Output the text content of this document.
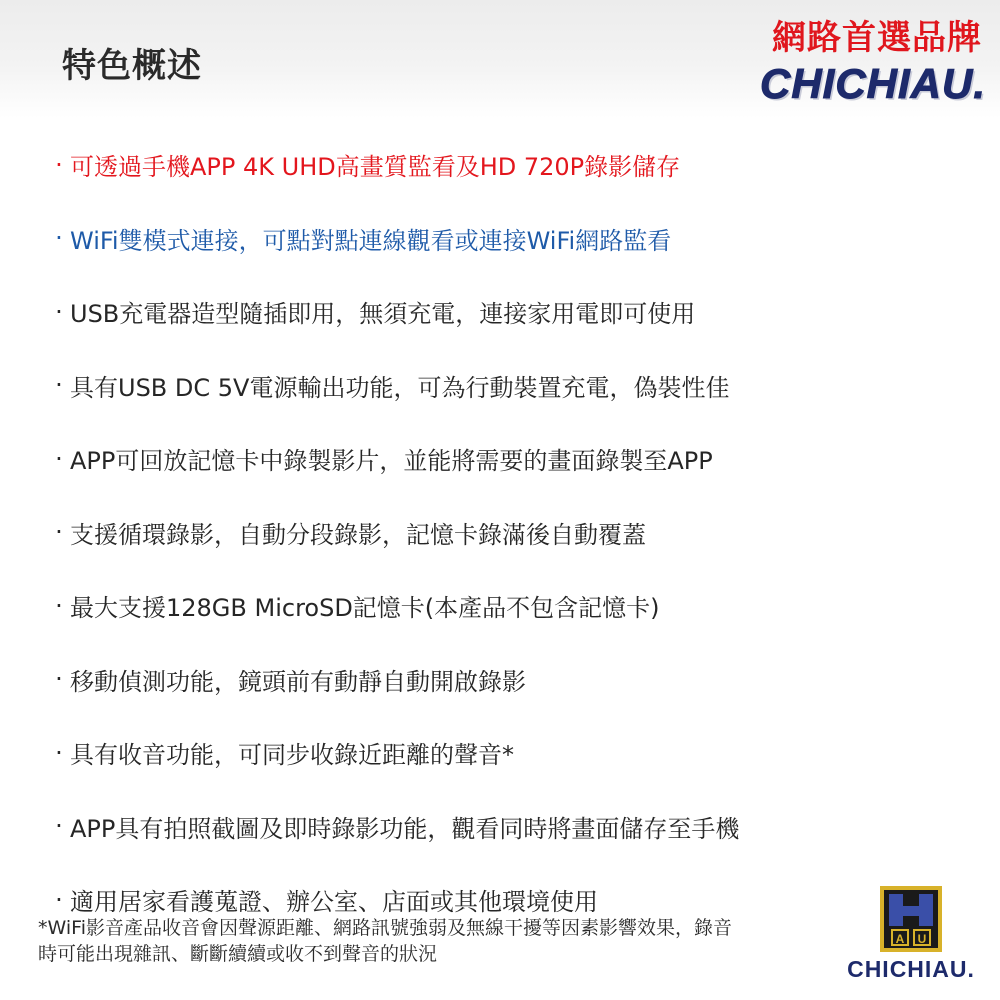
特色概述
網路首選品牌
CHICHIAU.
· 可透過手機APP 4K UHD高畫質監看及HD 720P錄影儲存
· WiFi雙模式連接，可點對點連線觀看或連接WiFi網路監看
· USB充電器造型隨插即用，無須充電，連接家用電即可使用
· 具有USB DC 5V電源輸出功能，可為行動裝置充電，偽裝性佳
· APP可回放記憶卡中錄製影片，並能將需要的畫面錄製至APP
· 支援循環錄影，自動分段錄影，記憶卡錄滿後自動覆蓋
· 最大支援128GB MicroSD記憶卡(本產品不包含記憶卡)
· 移動偵測功能，鏡頭前有動靜自動開啟錄影
· 具有收音功能，可同步收錄近距離的聲音*
· APP具有拍照截圖及即時錄影功能，觀看同時將畫面儲存至手機
· 適用居家看護蒐證、辦公室、店面或其他環境使用
*WiFi影音產品收音會因聲源距離、網路訊號強弱及無線干擾等因素影響效果，錄音
時可能出現雜訊、斷斷續續或收不到聲音的狀況
A U
CHICHIAU.
